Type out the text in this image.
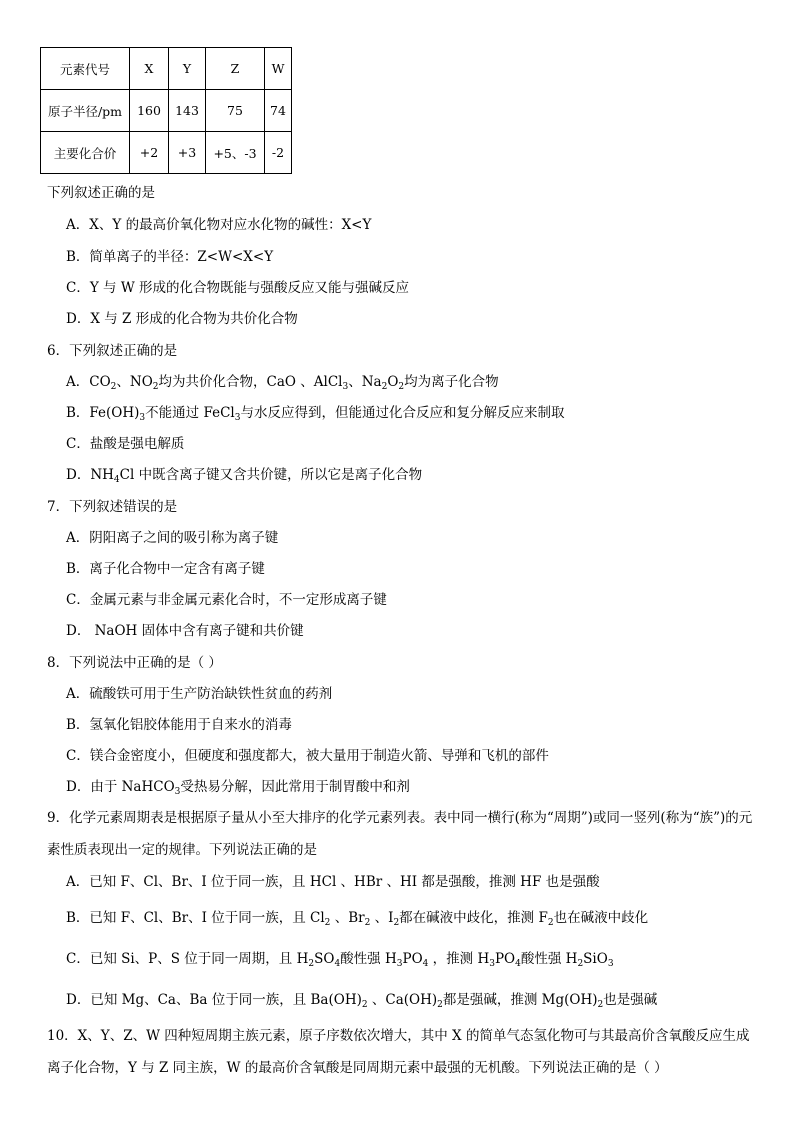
元素代号	X	Y	Z	W
原子半径/pm	160	143	75	74
主要化合价	+2	+3	+5、-3	-2
下列叙述正确的是
A．X、Y 的最高价氧化物对应水化物的碱性：X<Y
B．简单离子的半径：Z<W<X<Y
C．Y 与 W 形成的化合物既能与强酸反应又能与强碱反应
D．X 与 Z 形成的化合物为共价化合物
6．下列叙述正确的是
A．$CO_2$、$NO_2$均为共价化合物，CaO 、AlCl$_3$、$Na_2O_2$均为离子化合物
B．$Fe(OH)_3$不能通过 FeCl$_3$与水反应得到，但能通过化合反应和复分解反应来制取
C．盐酸是强电解质
D．$NH_4Cl$ 中既含离子键又含共价键，所以它是离子化合物
7．下列叙述错误的是
A．阴阳离子之间的吸引称为离子键
B．离子化合物中一定含有离子键
C．金属元素与非金属元素化合时，不一定形成离子键
D． NaOH 固体中含有离子键和共价键
8．下列说法中正确的是（ ）
A．硫酸铁可用于生产防治缺铁性贫血的药剂
B．氢氧化铝胶体能用于自来水的消毒
C．镁合金密度小，但硬度和强度都大，被大量用于制造火箭、导弹和飞机的部件
D．由于 NaHCO$_3$受热易分解，因此常用于制胃酸中和剂
9．化学元素周期表是根据原子量从小至大排序的化学元素列表。表中同一横行(称为“周期”)或同一竖列(称为“族”)的元素性质表现出一定的规律。下列说法正确的是
A．已知 F、Cl、Br、I 位于同一族，且 HCl 、HBr 、HI 都是强酸，推测 HF 也是强酸
B．已知 F、Cl、Br、I 位于同一族，且 $Cl_2$ 、$Br_2$ 、$I_2$都在碱液中歧化，推测 $F_2$也在碱液中歧化
C．已知 Si、P、S 位于同一周期，且 $H_2SO_4$酸性强 $H_3PO_4$ ，推测 $H_3PO_4$酸性强 $H_2SiO_3$
D．已知 Mg、Ca、Ba 位于同一族，且 $Ba(OH)_2$ 、$Ca(OH)_2$都是强碱，推测 $Mg(OH)_2$也是强碱
10．X、Y、Z、W 四种短周期主族元素，原子序数依次增大，其中 X 的简单气态氢化物可与其最高价含氧酸反应生成离子化合物，Y 与 Z 同主族，W 的最高价含氧酸是同周期元素中最强的无机酸。下列说法正确的是（ ）
